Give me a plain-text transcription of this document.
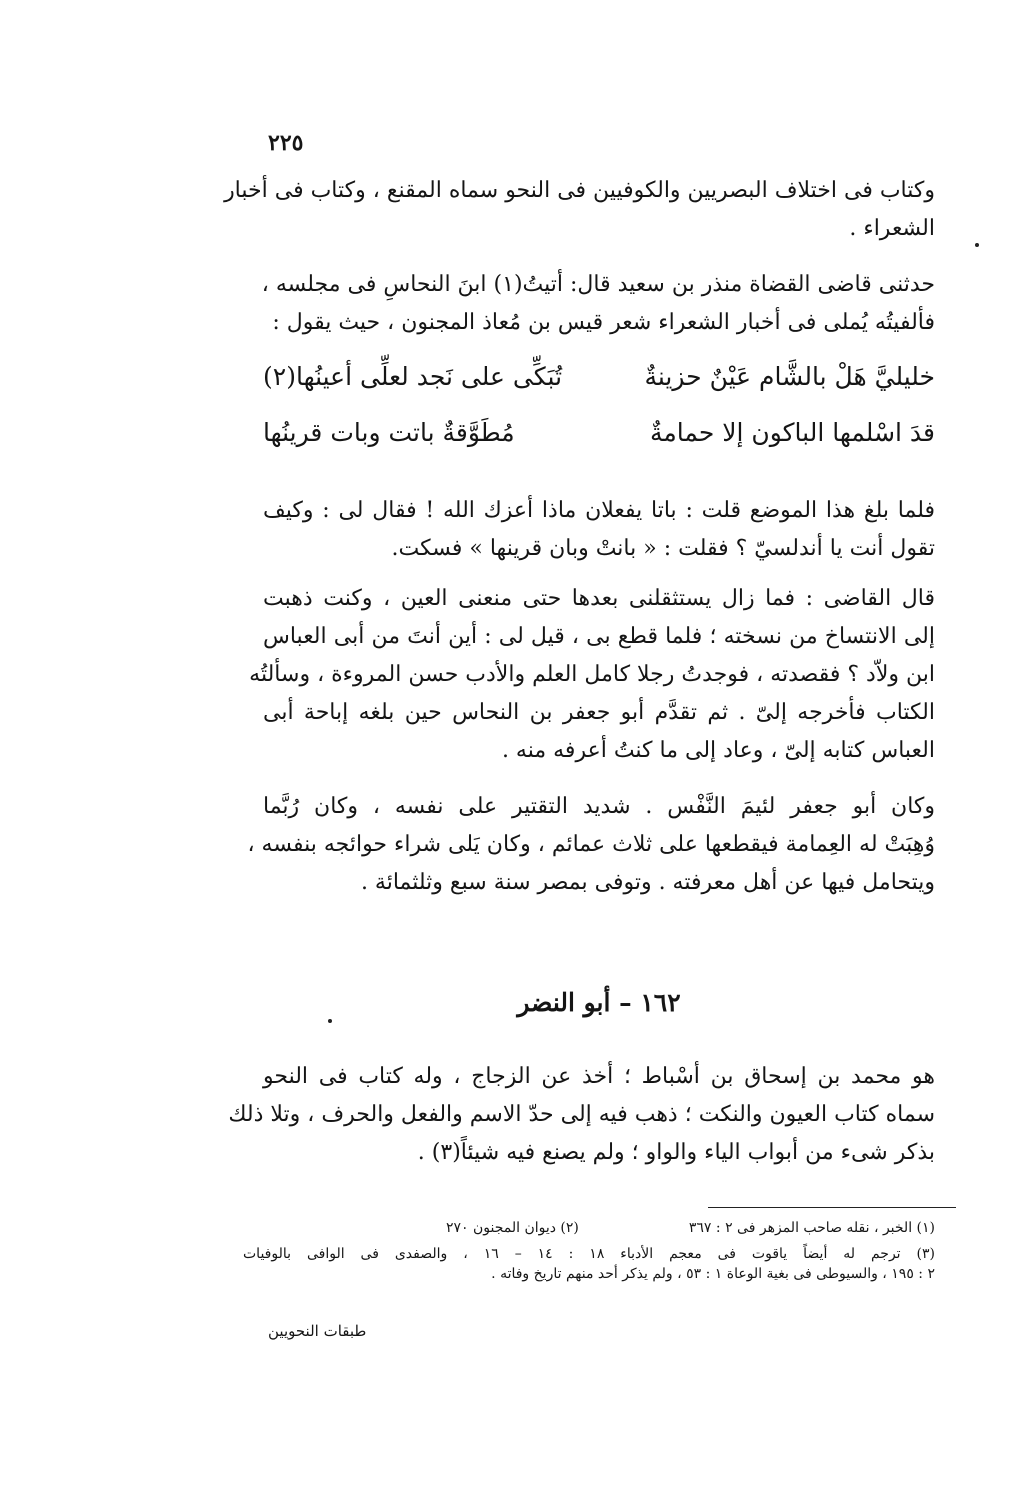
٢٢٥
وكتاب فى اختلاف البصريين والكوفيين فى النحو سماه المقنع ، وكتاب فى أخبار
الشعراء .
حدثنى قاضى القضاة منذر بن سعيد قال: أتيتُ(١) ابنَ النحاسِ فى مجلسه ،
فألفيتُه يُملى فى أخبار الشعراء شعر قيس بن مُعاذ المجنون ، حيث يقول :
خليليَّ هَلْ بالشَّام عَيْنٌ حزينةٌ
تُبَكِّى على نَجد لعلِّى أعينُها(٢)
قدَ اسْلمها الباكون إلا حمامةٌ
مُطَوَّقةٌ باتت وبات قرينُها
فلما بلغ هذا الموضع قلت : باتا يفعلان ماذا أعزك الله ! فقال لى : وكيف
تقول أنت يا أندلسيّ ؟ فقلت : « بانتْ وبان قرينها » فسكت.
قال القاضى : فما زال يستثقلنى بعدها حتى منعنى العين ، وكنت ذهبت
إلى الانتساخ من نسخته ؛ فلما قطع بى ، قيل لى : أين أنتَ من أبى العباس
ابن ولاّد ؟ فقصدته ، فوجدتُ رجلا كامل العلم والأدب حسن المروءة ، وسألتُه
الكتاب فأخرجه إلىّ . ثم تقدَّم أبو جعفر بن النحاس حين بلغه إباحة أبى
العباس كتابه إلىّ ، وعاد إلى ما كنتُ أعرفه منه .
وكان أبو جعفر لئيمَ النَّفْس . شديد التقتير على نفسه ، وكان رُبَّما
وُهِبَتْ له العِمامة فيقطعها على ثلاث عمائم ، وكان يَلى شراء حوائجه بنفسه ،
ويتحامل فيها عن أهل معرفته . وتوفى بمصر سنة سبع وثلثمائة .
١٦٢ – أبو النضر
هو محمد بن إسحاق بن أسْباط ؛ أخذ عن الزجاج ، وله كتاب فى النحو
سماه كتاب العيون والنكت ؛ ذهب فيه إلى حدّ الاسم والفعل والحرف ، وتلا ذلك
بذكر شىء من أبواب الياء والواو ؛ ولم يصنع فيه شيئاً(٣) .
(١) الخبر ، نقله صاحب المزهر فى ٢ : ٣٦٧
(٢) ديوان المجنون ٢٧٠
(٣) ترجم له أيضاً ياقوت فى معجم الأدباء ١٨ : ١٤ – ١٦ ، والصفدى فى الوافى بالوفيات
٢ : ١٩٥ ، والسيوطى فى بغية الوعاة ١ : ٥٣ ، ولم يذكر أحد منهم تاريخ وفاته .
طبقات النحويين
